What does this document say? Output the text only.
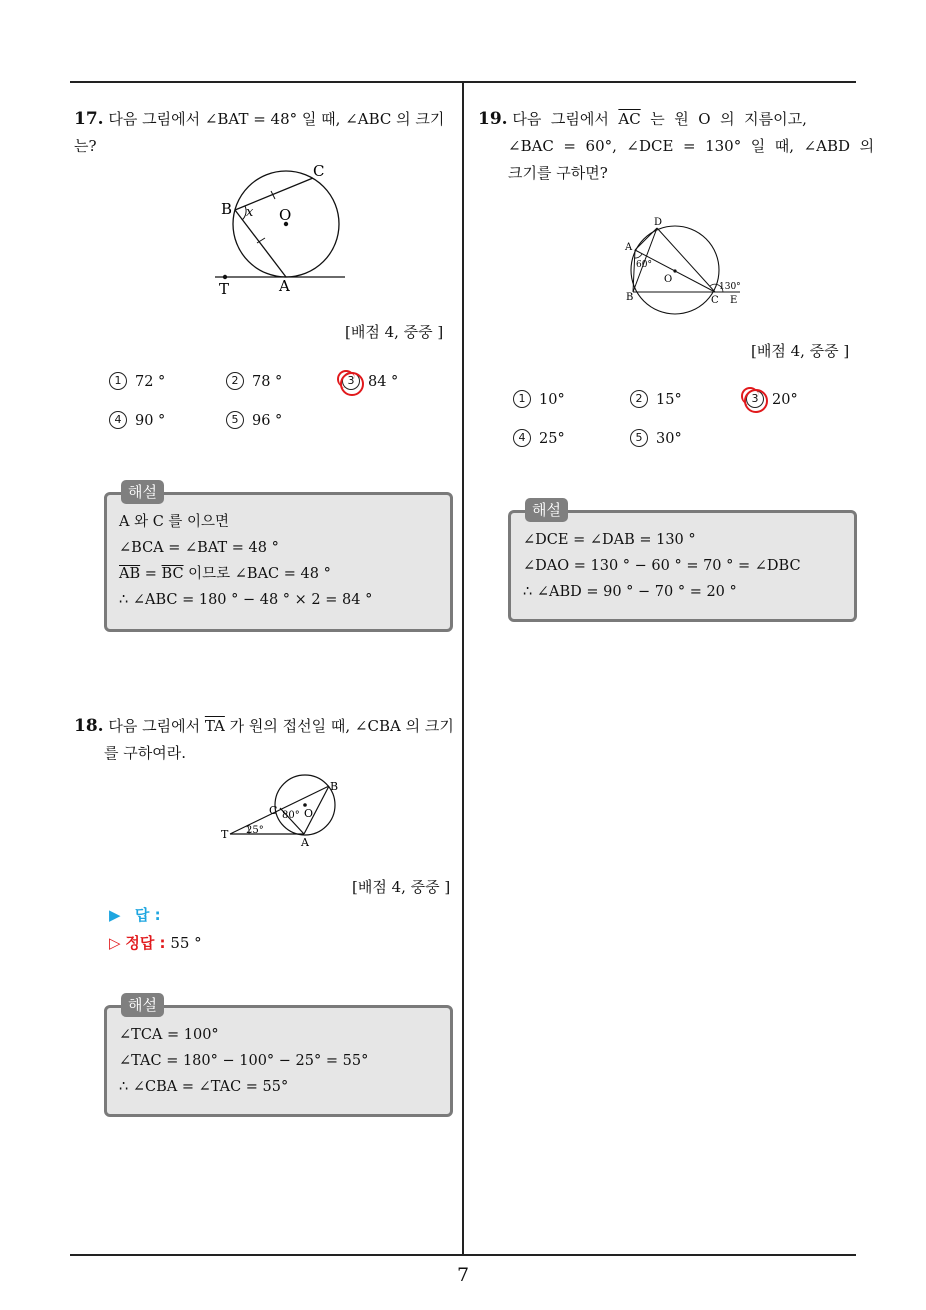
7
17. 다음 그림에서 ∠BAT = 48° 일 때, ∠ABC 의 크기는?
C
B x O
T	A
[배점 4, 중중 ]
1 72 °	2 78 °	3 84 °
4 90 °	5 96 °
해설
A 와 C 를 이으면
∠BCA = ∠BAT = 48 °
$\overline{AB} = \overline{BC}$ 이므로 ∠BAC = 48 °
∴ ∠ABC = 180 ° − 48 ° × 2 = 84 °
18. 다음 그림에서 $\overline{TA}$ 가 원의 접선일 때, ∠CBA 의 크기
를 구하여라.
B
C O
80°
T 25°
A
[배점 4, 중중 ]
▶ 답 :
▷ 정답 : 55 °
해설
∠TCA = 100°
∠TAC = 180° − 100° − 25° = 55°
∴ ∠CBA = ∠TAC = 55°
19. 다음  그림에서  $\overline{AC}$  는  원  O  의  지름이고,
∠BAC  =  60°,  ∠DCE  =  130°  일  때,  ∠ABD  의
크기를 구하면?
D
A
60°
O
B	C
130°
E
[배점 4, 중중 ]
1 10°	2 15°	3 20°
4 25°	5 30°
해설
∠DCE = ∠DAB = 130 °
∠DAO = 130 ° − 60 ° = 70 ° = ∠DBC
∴ ∠ABD = 90 ° − 70 ° = 20 °
